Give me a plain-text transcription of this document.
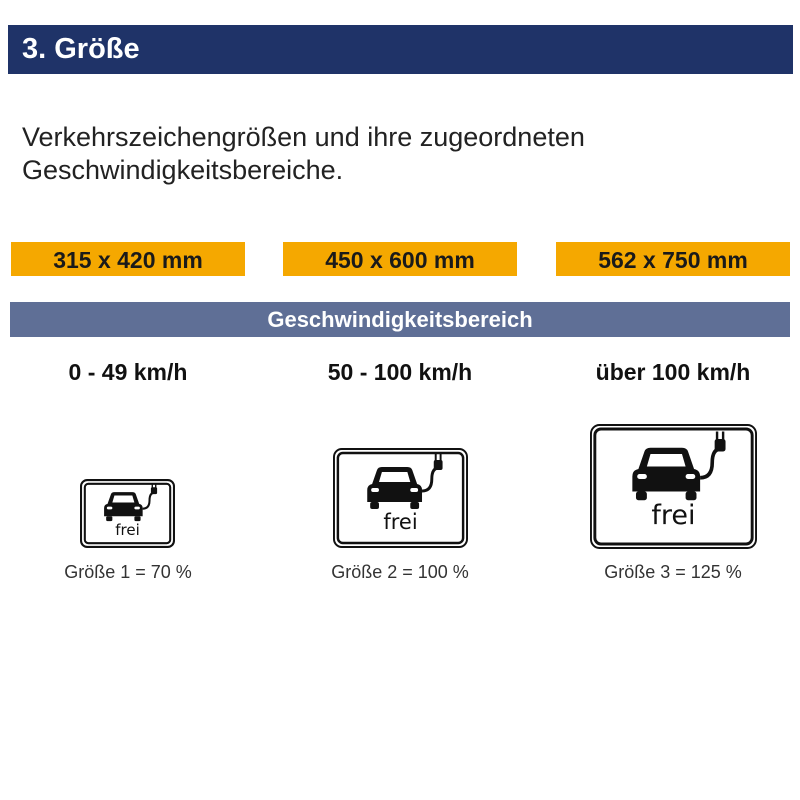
3. Größe
Verkehrszeichengrößen und ihre zugeordneten Geschwindigkeitsbereiche.
315 x 420 mm	450 x 600 mm	562 x 750 mm
Geschwindigkeitsbereich
0 - 49 km/h	50 - 100 km/h	über 100 km/h
frei	frei	frei
Größe 1 = 70 %	Größe 2 = 100 %	Größe 3 = 125 %
